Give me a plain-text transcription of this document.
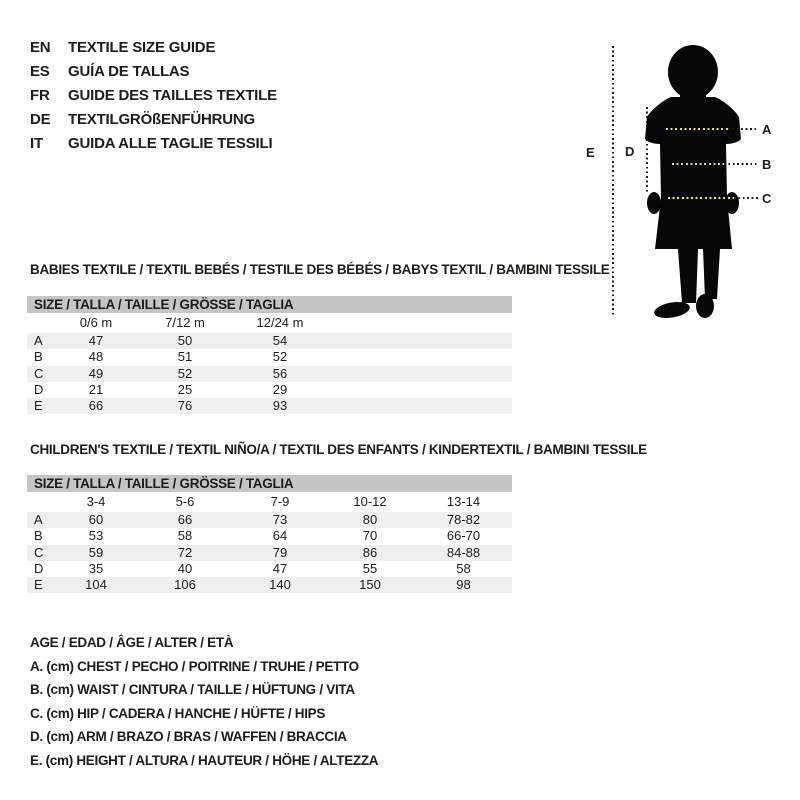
EN	TEXTILE SIZE GUIDE
ES	GUÍA DE TALLAS
FR	GUIDE DES TAILLES TEXTILE
DE	TEXTILGRÖßENFÜHRUNG
IT	GUIDA ALLE TAGLIE TESSILI
E D
A
B
C
BABIES TEXTILE / TEXTIL BEBÉS / TESTILE DES BÉBÉS / BABYS TEXTIL / BAMBINI TESSILE
SIZE / TALLA / TAILLE / GRÖSSE / TAGLIA
0/6 m	7/12 m	12/24 m
A	47	50	54
B	48	51	52
C	49	52	56
D	21	25	29
E	66	76	93
CHILDREN'S TEXTILE / TEXTIL NIÑO/A / TEXTIL DES ENFANTS / KINDERTEXTIL / BAMBINI TESSILE
SIZE / TALLA / TAILLE / GRÖSSE / TAGLIA
3-4	5-6	7-9	10-12	13-14
A	60	66	73	80	78-82
B	53	58	64	70	66-70
C	59	72	79	86	84-88
D	35	40	47	55	58
E	104	106	140	150	98
AGE / EDAD / ÂGE / ALTER / ETÀ
A. (cm) CHEST / PECHO / POITRINE / TRUHE / PETTO
B. (cm) WAIST / CINTURA / TAILLE / HÜFTUNG / VITA
C. (cm) HIP / CADERA / HANCHE / HÜFTE / HIPS
D. (cm) ARM / BRAZO / BRAS / WAFFEN / BRACCIA
E. (cm) HEIGHT / ALTURA / HAUTEUR / HÖHE / ALTEZZA
